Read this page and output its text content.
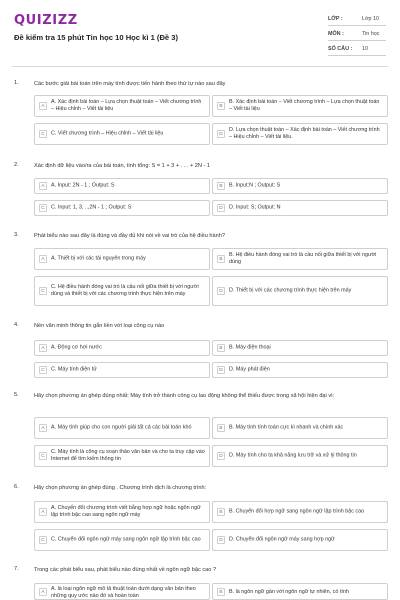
QUIZIZZ
Đề kiểm tra 15 phút Tin học 10 Học kì 1 (Đề 3)
LỚP :	Lớp 10
MÔN :	Tin học
SỐ CÂU :	10
1.	Các bước giải bài toán trên máy tính được tiến hành theo thứ tự nào sau đây
A
A. Xác định bài toán – Lựa chọn thuật toán – Viết chương trình – Hiệu chỉnh – Viết tài liệu	B
B. Xác định bài toán – Viết chương trình – Lựa chọn thuật toán – Viết tài liệu
C	C. Viết chương trình – Hiệu chỉnh – Viết tài liệu	D
D. Lựa chọn thuật toán – Xác định bài toán – Viết chương trình – Hiệu chỉnh – Viết tài liệu.
2.	Xác định dữ liệu vào/ra của bài toán, tính tổng: S = 1 + 3 + . . . + 2N - 1
A	A. Input: 2N - 1 ; Output: S	B	B. Input:N ; Output: S
C	C. Input: 1, 3, ..,2N - 1 ; Output: S	D	D. Input: S; Output: N
3.	Phát biểu nào sau đây là đúng và đầy đủ khi nói về vai trò của hệ điều hành?
A	A. Thiết bị với các tài nguyên trong máy	B
B. Hệ điều hành đóng vai trò là cầu nối giữa thiết bị với người dùng
C
C. Hệ điều hành đóng vai trò là cầu nối giữa thiết bị với người dùng và thiết bị với các chương trình thực hiện trên máy	D	D. Thiết bị với các chương trình thực hiện trên máy
4.	Nền văn minh thông tin gắn liền với loại công cụ nào
A	A. Động cơ hơi nước	B	B. Máy điện thoại
C	C. Máy tính điện tử	D	D. Máy phát điện
5.	Hãy chọn phương án ghép đúng nhất: Máy tính trở thành công cụ lao động không thể thiếu được trong xã hội hiện đại vì:
A	A. Máy tính giúp cho con người giải tất cả các bài toán khó	B	B. Máy tính tính toán cực kì nhanh và chính xác
C
C. Máy tính là công cụ soạn thảo văn bản và cho ta truy cập vào Internet để tìm kiếm thông tin	D	D. Máy tính cho ta khả năng lưu trữ và xử lý thông tin
6.	Hãy chọn phương án ghép đúng . Chương trình dịch là chương trình:
A
A. Chuyển đổi chương trình viết bằng hợp ngữ hoặc ngôn ngữ lập trình bậc cao sang ngôn ngữ máy	B	B. Chuyển đổi hợp ngữ sang ngôn ngữ lập trình bậc cao
C	C. Chuyển đổi ngôn ngữ máy sang ngôn ngữ lập trình bậc cao	D	D. Chuyển đổi ngôn ngữ máy sang hợp ngữ
7.	Trong các phát biểu sau, phát biểu nào đúng nhất về ngôn ngữ bậc cao ?
A
A. là loại ngôn ngữ mô tả thuật toán dưới dạng văn bản theo những quy ước nào đó và hoàn toàn
B	B. là ngôn ngữ gần với ngôn ngữ tự nhiên, có tính
